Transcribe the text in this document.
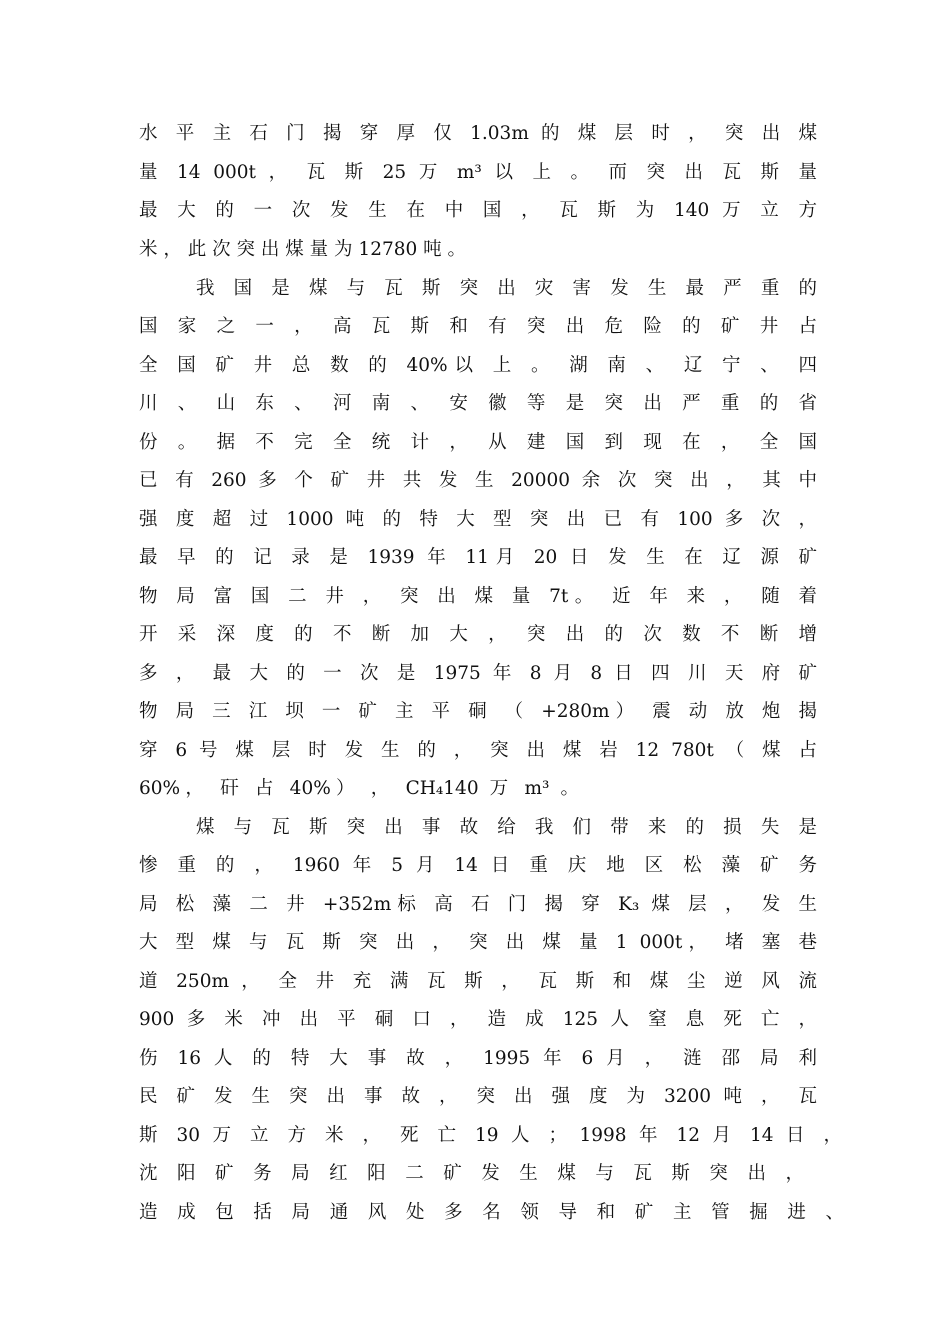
水 平 主 石 门 揭 穿 厚 仅 1.03m 的 煤 层 时 ， 突 出 煤
量 14 000t ， 瓦 斯 25 万 m³ 以 上 。 而 突 出 瓦 斯 量
最 大 的 一 次 发 生 在 中 国 ， 瓦 斯 为 140 万 立 方
米 ， 此 次 突 出 煤 量 为 12780 吨 。
我 国 是 煤 与 瓦 斯 突 出 灾 害 发 生 最 严 重 的
国 家 之 一 ， 高 瓦 斯 和 有 突 出 危 险 的 矿 井 占
全 国 矿 井 总 数 的 40%以 上 。 湖 南 、 辽 宁 、 四
川 、 山 东 、 河 南 、 安 徽 等 是 突 出 严 重 的 省
份 。 据 不 完 全 统 计 ， 从 建 国 到 现 在 ， 全 国
已 有 260 多 个 矿 井 共 发 生 20000 余 次 突 出 ， 其 中
强 度 超 过 1000 吨 的 特 大 型 突 出 已 有 100 多 次 ，
最 早 的 记 录 是 1939 年 11月 20 日 发 生 在 辽 源 矿
物 局 富 国 二 井 ， 突 出 煤 量 7t。 近 年 来 ， 随 着
开 采 深 度 的 不 断 加 大 ， 突 出 的 次 数 不 断 增
多 ， 最 大 的 一 次 是 1975 年 8 月 8 日 四 川 天 府 矿
物 局 三 江 坝 一 矿 主 平 硐 （ +280m） 震 动 放 炮 揭
穿 6 号 煤 层 时 发 生 的 ， 突 出 煤 岩 12 780t （ 煤 占
60%， 矸 占 40%） ， CH₄140 万 m³ 。
煤 与 瓦 斯 突 出 事 故 给 我 们 带 来 的 损 失 是
惨 重 的 ， 1960 年 5 月 14 日 重 庆 地 区 松 藻 矿 务
局 松 藻 二 井 +352m标 高 石 门 揭 穿 K₃ 煤 层 ， 发 生
大 型 煤 与 瓦 斯 突 出 ， 突 出 煤 量 1 000t， 堵 塞 巷
道 250m ， 全 井 充 满 瓦 斯 ， 瓦 斯 和 煤 尘 逆 风 流
900 多 米 冲 出 平 硐 口 ， 造 成 125 人 窒 息 死 亡 ，
伤 16 人 的 特 大 事 故 ， 1995 年 6 月 ， 涟 邵 局 利
民 矿 发 生 突 出 事 故 ， 突 出 强 度 为 3200 吨 ， 瓦
斯 30 万 立 方 米 ， 死 亡 19 人 ； 1998 年 12 月 14 日 ，
沈 阳 矿 务 局 红 阳 二 矿 发 生 煤 与 瓦 斯 突 出 ，
造 成 包 括 局 通 风 处 多 名 领 导 和 矿 主 管 掘 进 、
